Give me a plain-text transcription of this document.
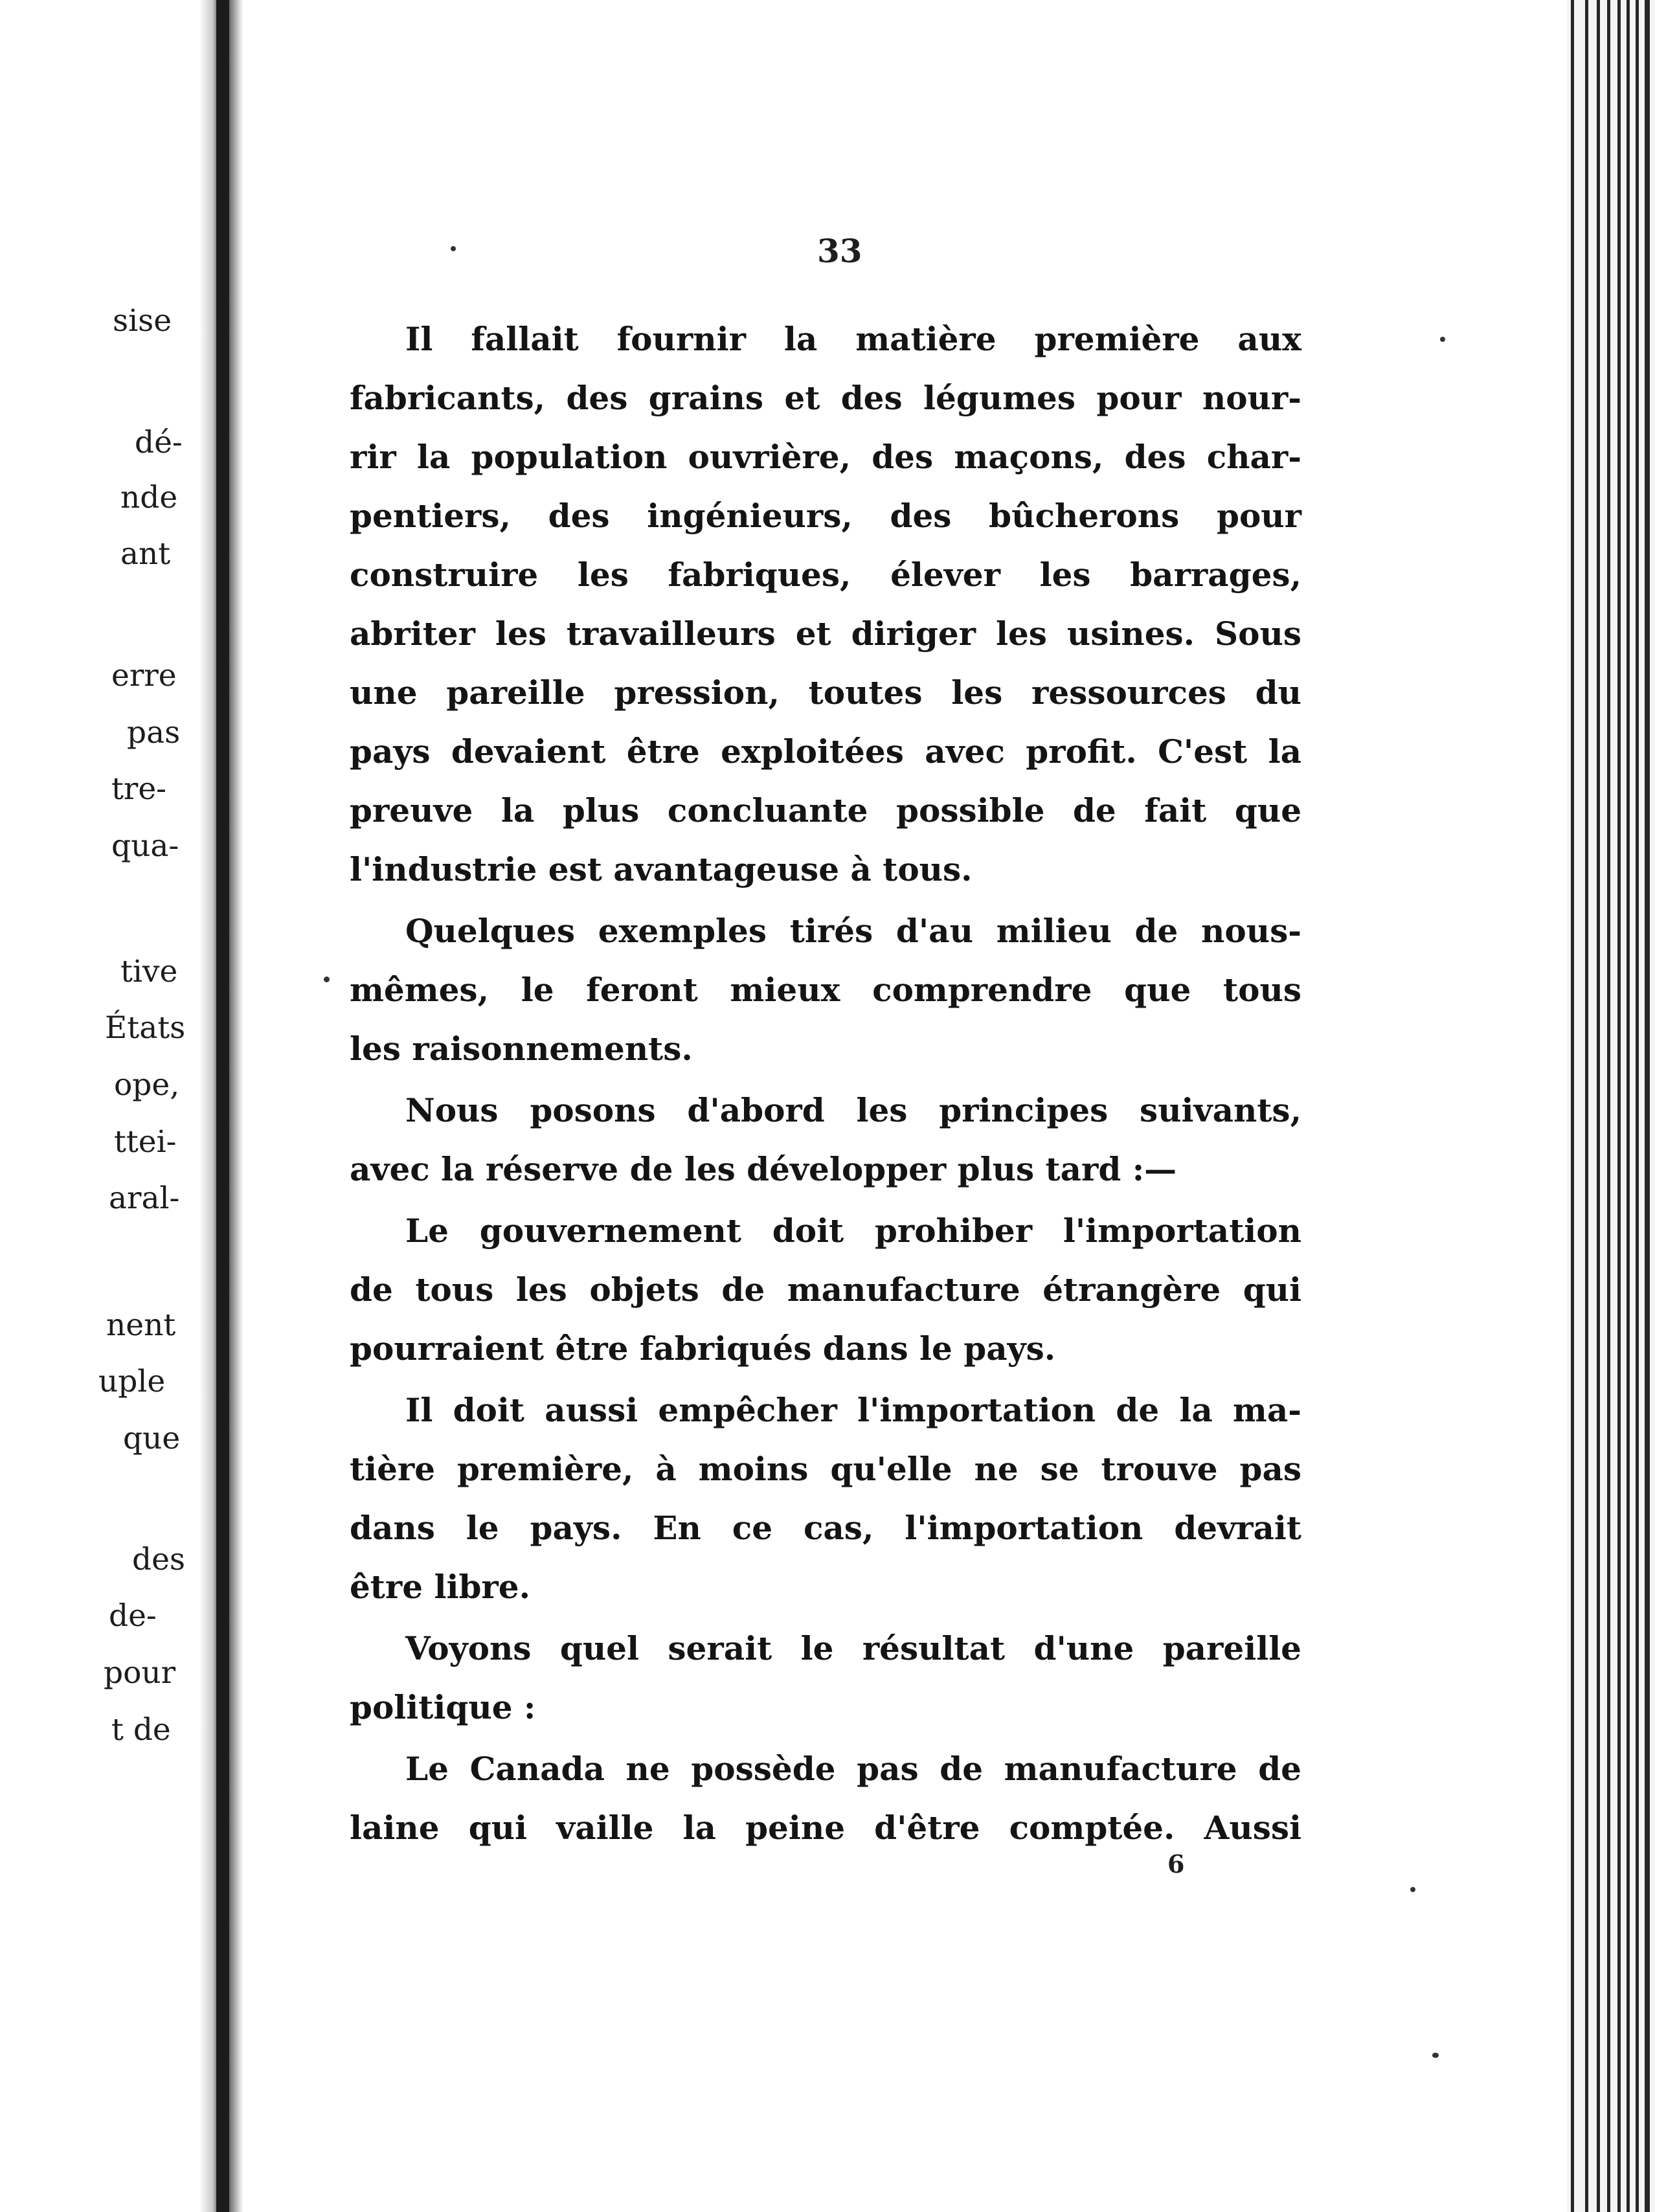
sise
dé-
nde
ant
erre
pas
tre-
qua-
tive
États
ope,
ttei-
aral-
nent
uple
que
des
de-
pour
t de
33

Il fallait fournir la matière première aux
fabricants, des grains et des légumes pour nour-
rir la population ouvrière, des maçons, des char-
pentiers, des ingénieurs, des bûcherons pour
construire les fabriques, élever les barrages,
abriter les travailleurs et diriger les usines. Sous
une pareille pression, toutes les ressources du
pays devaient être exploitées avec profit. C'est la
preuve la plus concluante possible de fait que
l'industrie est avantageuse à tous.

Quelques exemples tirés d'au milieu de nous-
mêmes, le feront mieux comprendre que tous
les raisonnements.

Nous posons d'abord les principes suivants,
avec la réserve de les développer plus tard :—

Le gouvernement doit prohiber l'importation
de tous les objets de manufacture étrangère qui
pourraient être fabriqués dans le pays.

Il doit aussi empêcher l'importation de la ma-
tière première, à moins qu'elle ne se trouve pas
dans le pays. En ce cas, l'importation devrait
être libre.

Voyons quel serait le résultat d'une pareille
politique :

Le Canada ne possède pas de manufacture de
laine qui vaille la peine d'être comptée. Aussi

6
